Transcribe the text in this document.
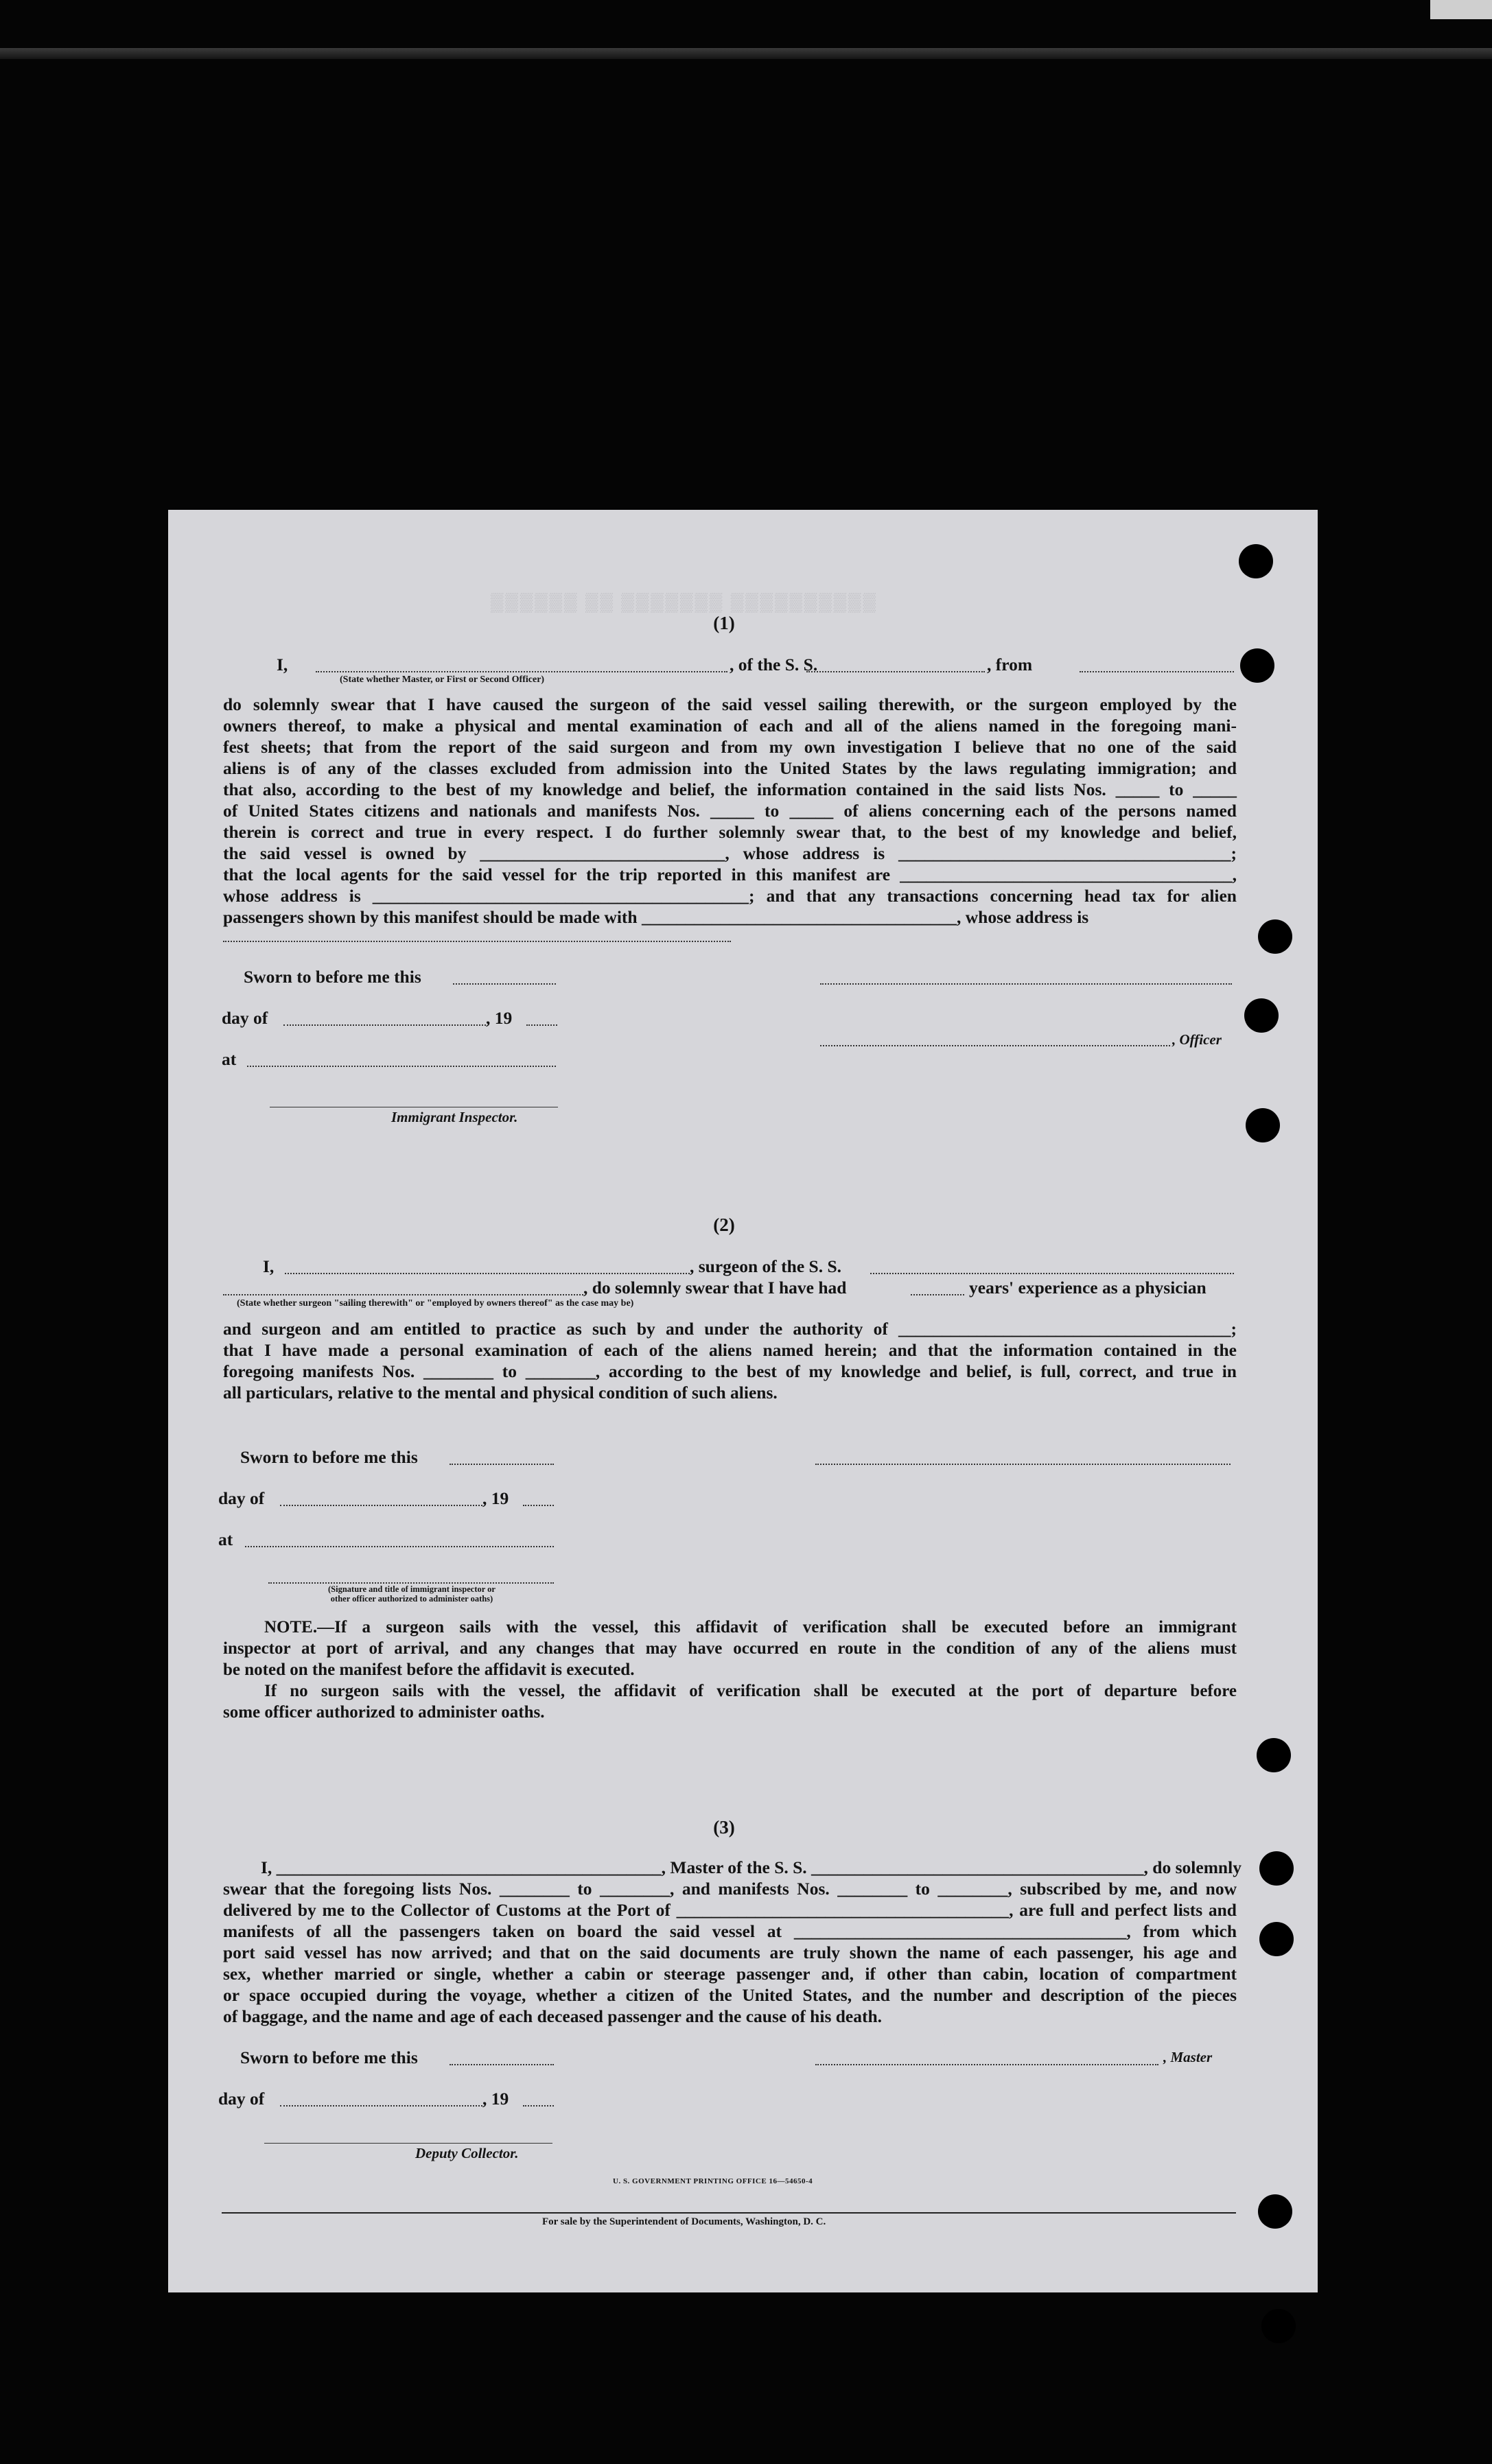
▒▒▒▒▒▒ ▒▒ ▒▒▒▒▒▒▒ ▒▒▒▒▒▒▒▒▒▒
(1)
I,	, of the S. S.	, from
(State whether Master, or First or Second Officer)
do solemnly swear that I have caused the surgeon of the said vessel sailing therewith, or the surgeon employed by the
owners thereof, to make a physical and mental examination of each and all of the aliens named in the foregoing mani-
fest sheets; that from the report of the said surgeon and from my own investigation I believe that no one of the said
aliens is of any of the classes excluded from admission into the United States by the laws regulating immigration; and
that also, according to the best of my knowledge and belief, the information contained in the said lists Nos. _____ to _____
of United States citizens and nationals and manifests Nos. _____ to _____ of aliens concerning each of the persons named
therein is correct and true in every respect. I do further solemnly swear that, to the best of my knowledge and belief,
the said vessel is owned by ____________________________, whose address is ______________________________________;
that the local agents for the said vessel for the trip reported in this manifest are ______________________________________,
whose address is ___________________________________________; and that any transactions concerning head tax for alien
passengers shown by this manifest should be made with ____________________________________, whose address is
Sworn to before me this
day of	, 19
, Officer
at
Immigrant Inspector.
(2)
I,	, surgeon of the S. S.
, do solemnly swear that I have had	years' experience as a physician
(State whether surgeon "sailing therewith" or "employed by owners thereof" as the case may be)
and surgeon and am entitled to practice as such by and under the authority of ______________________________________;
that I have made a personal examination of each of the aliens named herein; and that the information contained in the
foregoing manifests Nos. ________ to ________, according to the best of my knowledge and belief, is full, correct, and true in
all particulars, relative to the mental and physical condition of such aliens.
Sworn to before me this
day of	, 19
at
(Signature and title of immigrant inspector or
other officer authorized to administer oaths)
NOTE.—If a surgeon sails with the vessel, this affidavit of verification shall be executed before an immigrant
inspector at port of arrival, and any changes that may have occurred en route in the condition of any of the aliens must
be noted on the manifest before the affidavit is executed.
If no surgeon sails with the vessel, the affidavit of verification shall be executed at the port of departure before
some officer authorized to administer oaths.
(3)
I, ____________________________________________, Master of the S. S. ______________________________________, do solemnly
swear that the foregoing lists Nos. ________ to ________, and manifests Nos. ________ to ________, subscribed by me, and now
delivered by me to the Collector of Customs at the Port of ______________________________________, are full and perfect lists and
manifests of all the passengers taken on board the said vessel at ______________________________________, from which
port said vessel has now arrived; and that on the said documents are truly shown the name of each passenger, his age and
sex, whether married or single, whether a cabin or steerage passenger and, if other than cabin, location of compartment
or space occupied during the voyage, whether a citizen of the United States, and the number and description of the pieces
of baggage, and the name and age of each deceased passenger and the cause of his death.
Sworn to before me this	, Master
day of	, 19
Deputy Collector.
U. S. GOVERNMENT PRINTING OFFICE 16—54650-4
For sale by the Superintendent of Documents, Washington, D. C.
